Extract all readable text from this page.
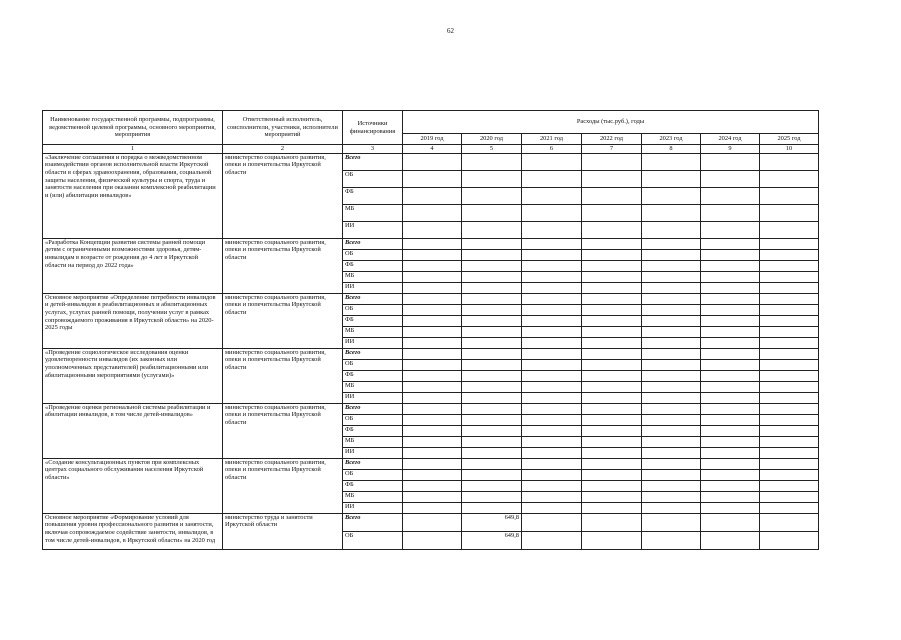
62
Наименование государственной программы, подпрограммы, ведомственной целевой программы, основного мероприятия, мероприятия	Ответственный исполнитель, соисполнители, участники, исполнители мероприятий	Источники финансирования	Расходы (тыс.руб.), годы						
			2019 год	2020 год	2021 год	2022 год	2023 год	2024 год	2025 год
1	2	3	4	5	6	7	8	9	10
«Заключение соглашения и порядка о межведомственном взаимодействии органов исполнительной власти Иркутской области в сферах здравоохранения, образования, социальной защиты населения, физической культуры и спорта, труда и занятости населения при оказании комплексной реабилитации и (или) абилитации инвалидов»	министерство социального развития, опеки и попечительства Иркутской области	Всего							
		ОБ							
		ФБ							
		МБ							
		ИИ							
«Разработка Концепции развития системы ранней помощи детям с ограниченными возможностями здоровья, детям-инвалидам в возрасте от рождения до 4 лет в Иркутской области на период до 2022 года»	министерство социального развития, опеки и попечительства Иркутской области	Всего							
		ОБ							
		ФБ							
		МБ							
		ИИ							
Основное мероприятие «Определение потребности инвалидов и детей-инвалидов в реабилитационных и абилитационных услугах, услугах ранней помощи, получении услуг в рамках сопровождаемого проживания в Иркутской области» на 2020-2025 годы	министерство социального развития, опеки и попечительства Иркутской области	Всего							
		ОБ							
		ФБ							
		МБ							
		ИИ							
«Проведение социологическое исследования оценки удовлетворенности инвалидов (их законных или уполномоченных представителей) реабилитационными или абилитационными мероприятиями (услугами)»	министерство социального развития, опеки и попечительства Иркутской области	Всего							
		ОБ							
		ФБ							
		МБ							
		ИИ							
«Проведение оценки региональной системы реабилитации и абилитации инвалидов, в том числе детей-инвалидов»	министерство социального развития, опеки и попечительства Иркутской области	Всего							
		ОБ							
		ФБ							
		МБ							
		ИИ							
«Создание консультационных пунктов при комплексных центрах социального обслуживания населения Иркутской области»	министерство социального развития, опеки и попечительства Иркутской области	Всего							
		ОБ							
		ФБ							
		МБ							
		ИИ							
Основное мероприятие «Формирование условий для повышения уровня профессионального развития и занятости, включая сопровождаемое содействие занятости, инвалидов, в том числе детей-инвалидов, в Иркутской области» на 2020 год	министерство труда и занятости Иркутской области	Всего		649,8					
		ОБ		649,8					
